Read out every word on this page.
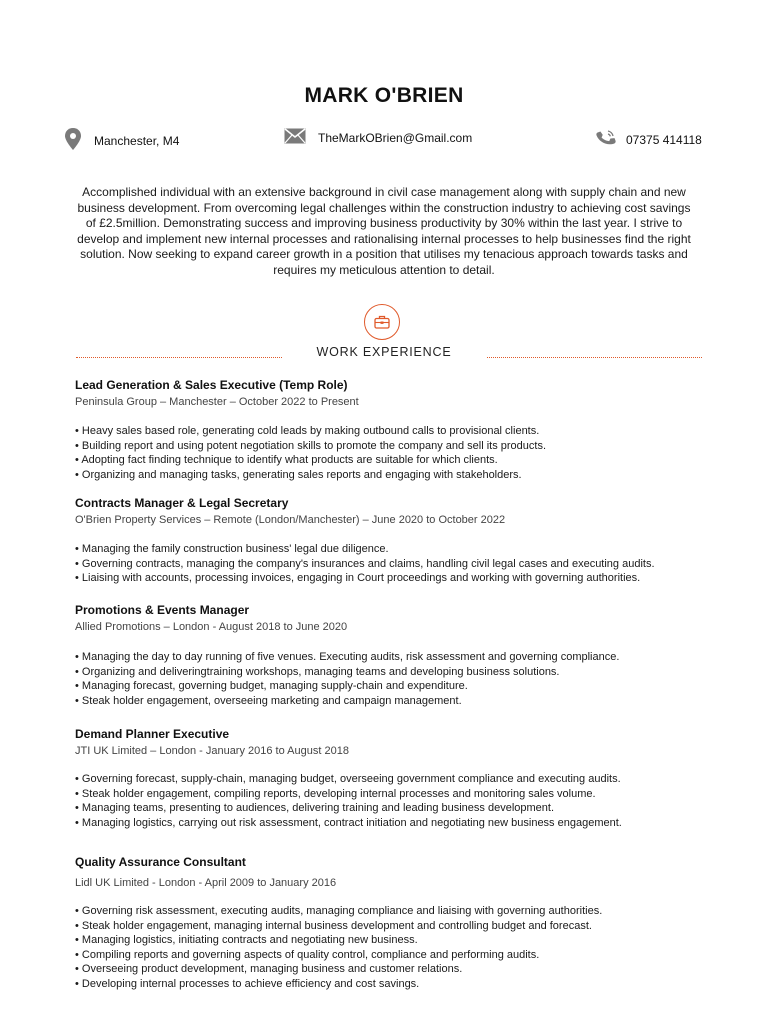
MARK O'BRIEN
Manchester, M4	TheMarkOBrien@Gmail.com	07375 414118
Accomplished individual with an extensive background in civil case management along with supply chain and new business development. From overcoming legal challenges within the construction industry to achieving cost savings of £2.5million. Demonstrating success and improving business productivity by 30% within the last year. I strive to develop and implement new internal processes and rationalising internal processes to help businesses find the right solution. Now seeking to expand career growth in a position that utilises my tenacious approach towards tasks and requires my meticulous attention to detail.
WORK EXPERIENCE
Lead Generation & Sales Executive (Temp Role)
Peninsula Group – Manchester – October 2022 to Present
• Heavy sales based role, generating cold leads by making outbound calls to provisional clients.
• Building report and using potent negotiation skills to promote the company and sell its products.
• Adopting fact finding technique to identify what products are suitable for which clients.
• Organizing and managing tasks, generating sales reports and engaging with stakeholders.
Contracts Manager & Legal Secretary
O'Brien Property Services – Remote (London/Manchester) – June 2020 to October 2022
• Managing the family construction business' legal due diligence.
• Governing contracts, managing the company's insurances and claims, handling civil legal cases and executing audits.
• Liaising with accounts, processing invoices, engaging in Court proceedings and working with governing authorities.
Promotions & Events Manager
Allied Promotions – London - August 2018 to June 2020
• Managing the day to day running of five venues. Executing audits, risk assessment and governing compliance.
• Organizing and deliveringtraining workshops, managing teams and developing business solutions.
• Managing forecast, governing budget, managing supply-chain and expenditure.
• Steak holder engagement, overseeing marketing and campaign management.
Demand Planner Executive
JTI UK Limited – London - January 2016 to August 2018
• Governing forecast, supply-chain, managing budget, overseeing government compliance and executing audits.
• Steak holder engagement, compiling reports, developing internal processes and monitoring sales volume.
• Managing teams, presenting to audiences, delivering training and leading business development.
• Managing logistics, carrying out risk assessment, contract initiation and negotiating new business engagement.
Quality Assurance Consultant
Lidl UK Limited - London - April 2009 to January 2016
• Governing risk assessment, executing audits, managing compliance and liaising with governing authorities.
• Steak holder engagement, managing internal business development and controlling budget and forecast.
• Managing logistics, initiating contracts and negotiating new business.
• Compiling reports and governing aspects of quality control, compliance and performing audits.
• Overseeing product development, managing business and customer relations.
• Developing internal processes to achieve efficiency and cost savings.
